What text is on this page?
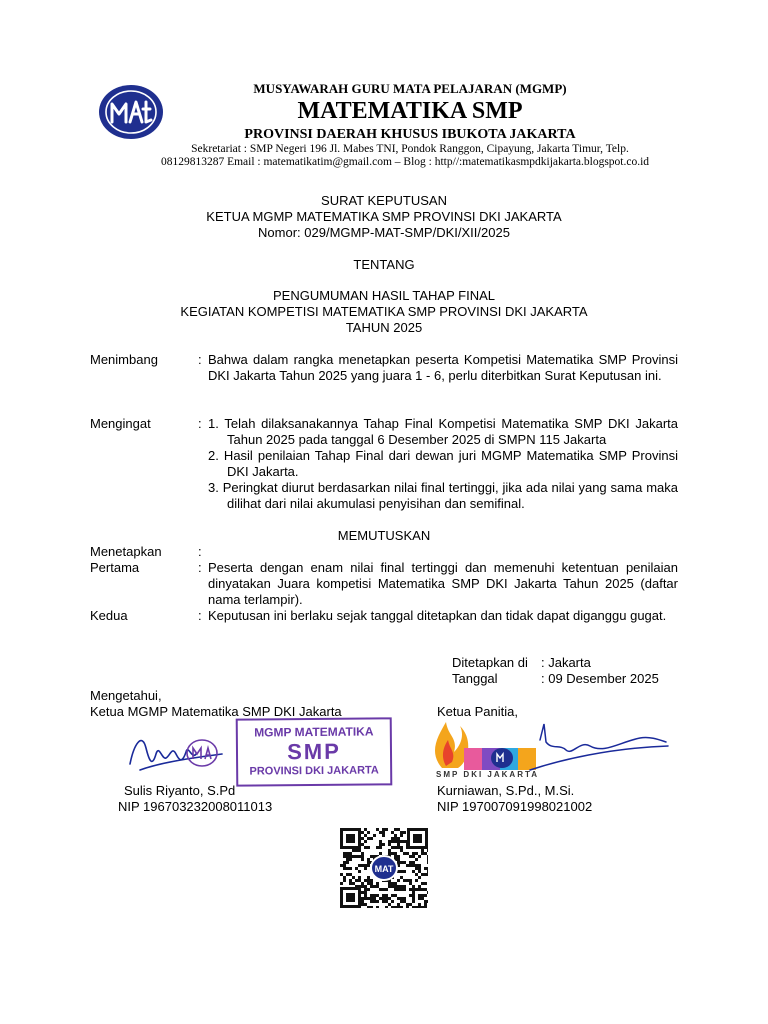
MUSYAWARAH GURU MATA PELAJARAN (MGMP)
MATEMATIKA SMP
PROVINSI DAERAH KHUSUS IBUKOTA JAKARTA
Sekretariat : SMP Negeri 196 Jl. Mabes TNI, Pondok Ranggon, Cipayung, Jakarta Timur, Telp.
08129813287 Email : matematikatim@gmail.com – Blog : http//:matematikasmpdkijakarta.blogspot.co.id
SURAT KEPUTUSAN
KETUA MGMP MATEMATIKA SMP PROVINSI DKI JAKARTA
Nomor: 029/MGMP-MAT-SMP/DKI/XII/2025
TENTANG
PENGUMUMAN HASIL TAHAP FINAL
KEGIATAN KOMPETISI MATEMATIKA SMP PROVINSI DKI JAKARTA
TAHUN 2025
Menimbang	: Bahwa dalam rangka menetapkan peserta Kompetisi Matematika SMP Provinsi DKI Jakarta Tahun 2025 yang juara 1 - 6, perlu diterbitkan Surat Keputusan ini.
Mengingat	: 1. Telah dilaksanakannya Tahap Final Kompetisi Matematika SMP DKI Jakarta Tahun 2025 pada tanggal 6 Desember 2025 di SMPN 115 Jakarta
2. Hasil penilaian Tahap Final dari dewan juri MGMP Matematika SMP Provinsi DKI Jakarta.
3. Peringkat diurut berdasarkan nilai final tertinggi, jika ada nilai yang sama maka dilihat dari nilai akumulasi penyisihan dan semifinal.
MEMUTUSKAN
Menetapkan	:
Pertama	: Peserta dengan enam nilai final tertinggi dan memenuhi ketentuan penilaian dinyatakan Juara kompetisi Matematika SMP DKI Jakarta Tahun 2025 (daftar nama terlampir).
Kedua	: Keputusan ini berlaku sejak tanggal ditetapkan dan tidak dapat diganggu gugat.
Ditetapkan di : Jakarta
Tanggal	: 09 Desember 2025
Mengetahui,
Ketua MGMP Matematika SMP DKI Jakarta	Ketua Panitia,
MGMP MATEMATIKA
SMP
PROVINSI DKI JAKARTA	SMP DKI JAKARTA
Sulis Riyanto, S.Pd
NIP 196703232008011013
Kurniawan, S.Pd., M.Si.
NIP 197007091998021002
MAT
